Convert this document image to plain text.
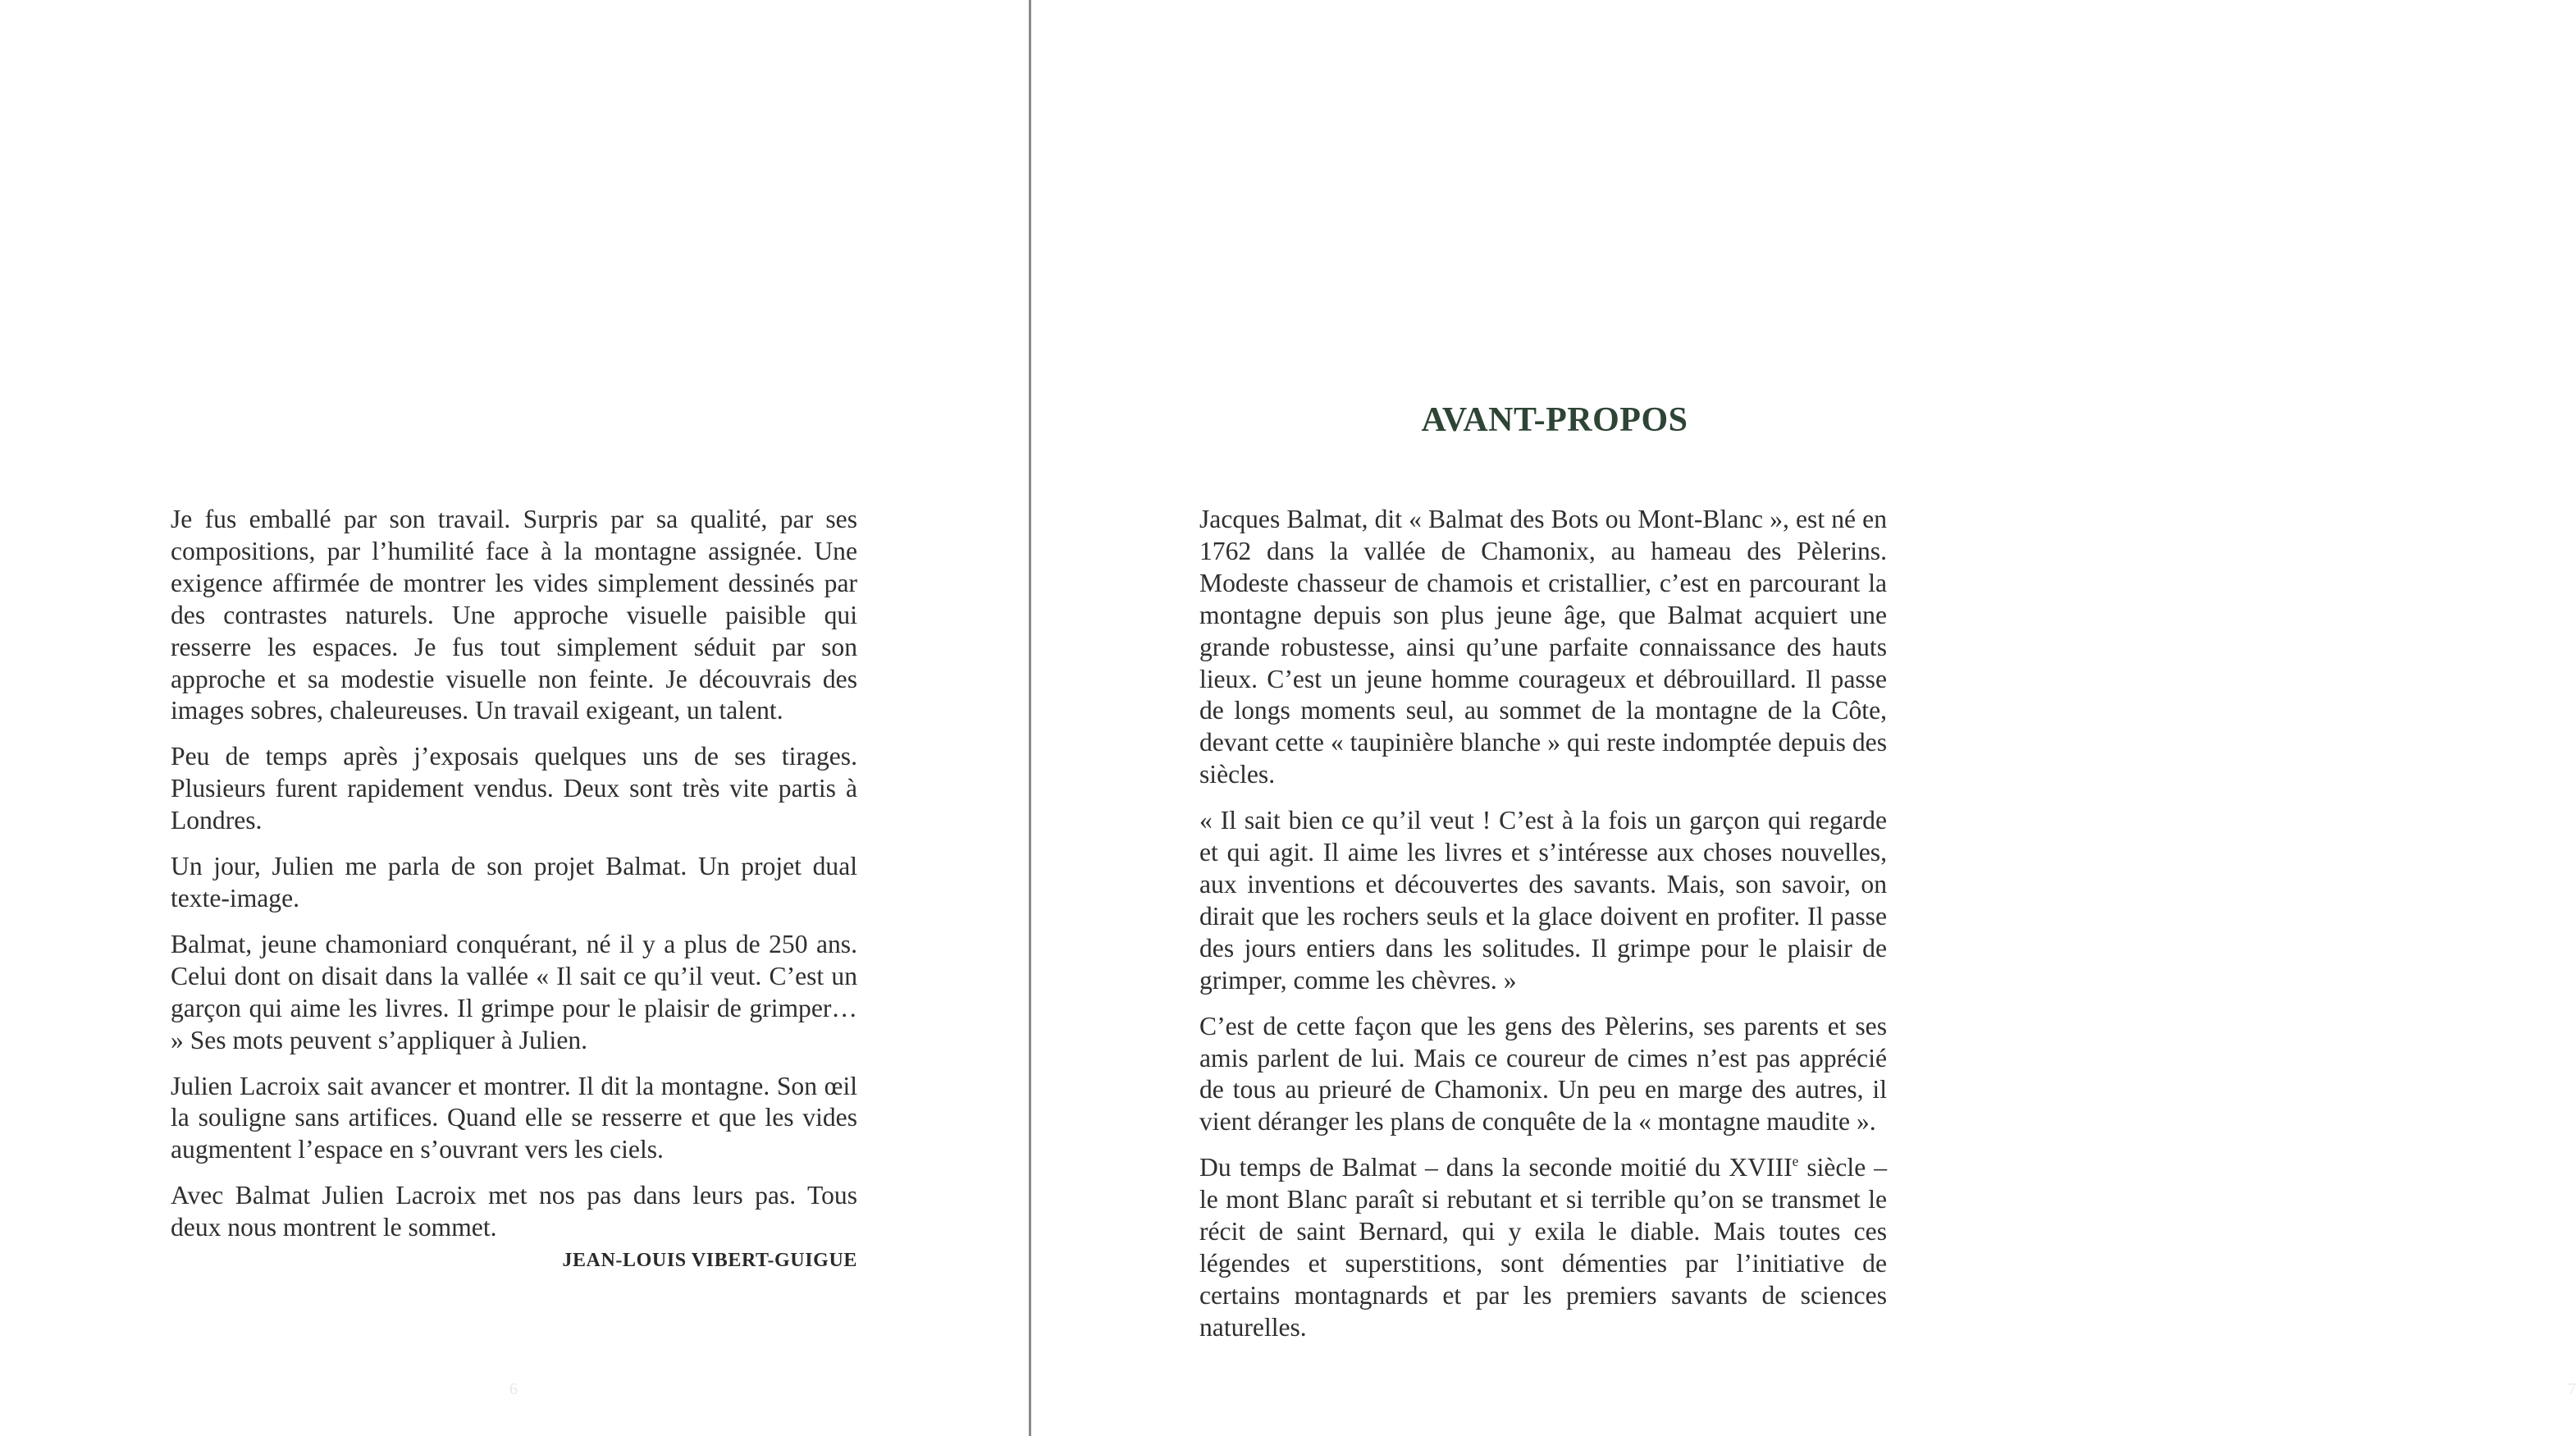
Je fus emballé par son travail. Surpris par sa qualité, par ses compositions, par l’humilité face à la montagne assignée. Une exigence affirmée de montrer les vides simplement dessinés par des contrastes naturels. Une approche visuelle paisible qui resserre les espaces. Je fus tout simplement séduit par son approche et sa modestie visuelle non feinte. Je découvrais des images sobres, chaleureuses. Un travail exigeant, un talent.

Peu de temps après j’exposais quelques uns de ses tirages. Plusieurs furent rapidement vendus. Deux sont très vite partis à Londres.

Un jour, Julien me parla de son projet Balmat. Un projet dual texte-image.

Balmat, jeune chamoniard conquérant, né il y a plus de 250 ans. Celui dont on disait dans la vallée « Il sait ce qu’il veut. C’est un garçon qui aime les livres. Il grimpe pour le plaisir de grimper… » Ses mots peuvent s’appliquer à Julien.

Julien Lacroix sait avancer et montrer. Il dit la montagne. Son œil la souligne sans artifices. Quand elle se resserre et que les vides augmentent l’espace en s’ouvrant vers les ciels.

Avec Balmat Julien Lacroix met nos pas dans leurs pas. Tous deux nous montrent le sommet.

JEAN-LOUIS VIBERT-GUIGUE
6	7
AVANT-PROPOS

Jacques Balmat, dit « Balmat des Bots ou Mont-Blanc », est né en 1762 dans la vallée de Chamonix, au hameau des Pèlerins. Modeste chasseur de chamois et cristallier, c’est en parcourant la montagne depuis son plus jeune âge, que Balmat acquiert une grande robustesse, ainsi qu’une parfaite connaissance des hauts lieux. C’est un jeune homme courageux et débrouillard. Il passe de longs moments seul, au sommet de la montagne de la Côte, devant cette « taupinière blanche » qui reste indomptée depuis des siècles.

« Il sait bien ce qu’il veut ! C’est à la fois un garçon qui regarde et qui agit. Il aime les livres et s’intéresse aux choses nouvelles, aux inventions et découvertes des savants. Mais, son savoir, on dirait que les rochers seuls et la glace doivent en profiter. Il passe des jours entiers dans les solitudes. Il grimpe pour le plaisir de grimper, comme les chèvres. »

C’est de cette façon que les gens des Pèlerins, ses parents et ses amis parlent de lui. Mais ce coureur de cimes n’est pas apprécié de tous au prieuré de Chamonix. Un peu en marge des autres, il vient déranger les plans de conquête de la « montagne maudite ».

Du temps de Balmat – dans la seconde moitié du XVIIIe siècle – le mont Blanc paraît si rebutant et si terrible qu’on se transmet le récit de saint Bernard, qui y exila le diable. Mais toutes ces légendes et superstitions, sont démenties par l’initiative de certains montagnards et par les premiers savants de sciences naturelles.
